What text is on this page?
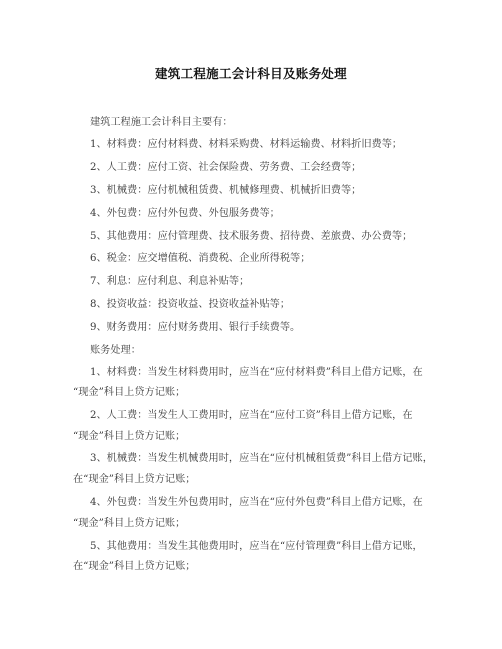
建筑工程施工会计科目及账务处理
建筑工程施工会计科目主要有：
1、材料费：应付材料费、材料采购费、材料运输费、材料折旧费等；
2、人工费：应付工资、社会保险费、劳务费、工会经费等；
3、机械费：应付机械租赁费、机械修理费、机械折旧费等；
4、外包费：应付外包费、外包服务费等；
5、其他费用：应付管理费、技术服务费、招待费、差旅费、办公费等；
6、税金：应交增值税、消费税、企业所得税等；
7、利息：应付利息、利息补贴等；
8、投资收益：投资收益、投资收益补贴等；
9、财务费用：应付财务费用、银行手续费等。
账务处理：
1、材料费：当发生材料费用时，应当在“应付材料费”科目上借方记账，在
“现金”科目上贷方记账；
2、人工费：当发生人工费用时，应当在“应付工资”科目上借方记账，在
“现金”科目上贷方记账；
3、机械费：当发生机械费用时，应当在“应付机械租赁费”科目上借方记账，
在“现金”科目上贷方记账；
4、外包费：当发生外包费用时，应当在“应付外包费”科目上借方记账，在
“现金”科目上贷方记账；
5、其他费用：当发生其他费用时，应当在“应付管理费”科目上借方记账，
在“现金”科目上贷方记账；
